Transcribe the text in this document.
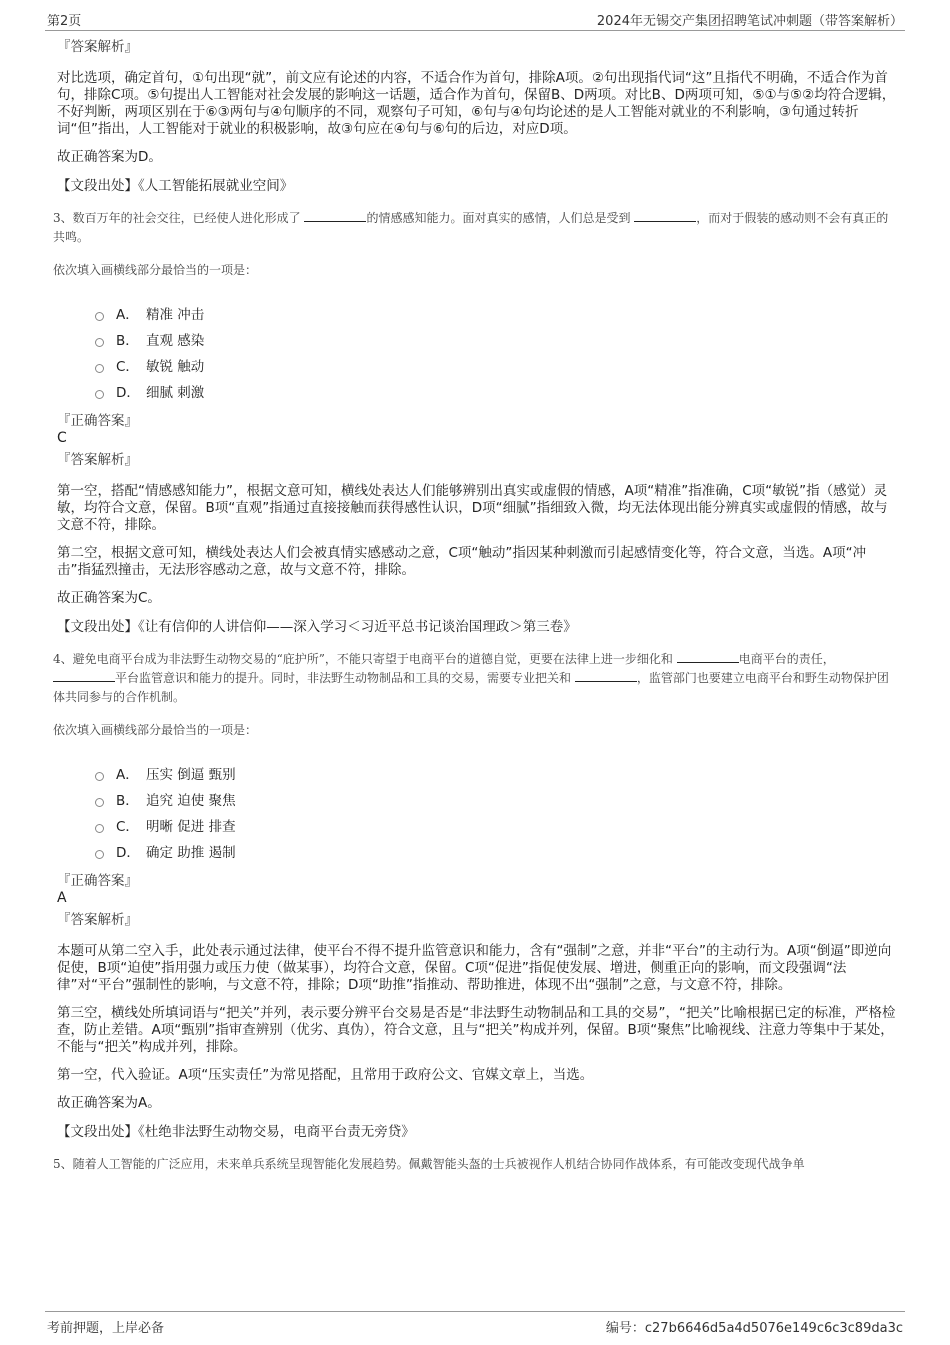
第2页	2024年无锡交产集团招聘笔试冲刺题（带答案解析）
『答案解析』

对比选项，确定首句，①句出现“就”，前文应有论述的内容，不适合作为首句，排除A项。②句出现指代词“这”且指代不明确，不适合作为首句，排除C项。⑤句提出人工智能对社会发展的影响这一话题，适合作为首句，保留B、D两项。对比B、D两项可知，⑤①与⑤②均符合逻辑，不好判断，两项区别在于⑥③两句与④句顺序的不同，观察句子可知，⑥句与④句均论述的是人工智能对就业的不利影响，③句通过转折词“但”指出，人工智能对于就业的积极影响，故③句应在④句与⑥句的后边，对应D项。

故正确答案为D。

【文段出处】《人工智能拓展就业空间》

3、数百万年的社会交往，已经使人进化形成了	的情感感知能力。面对真实的感情，人们总是受到	，而对于假装的感动则不会有真正的共鸣。

依次填入画横线部分最恰当的一项是：

A． 精准 冲击
B． 直观 感染
C． 敏锐 触动
D． 细腻 刺激
『正确答案』
C
『答案解析』

第一空，搭配“情感感知能力”，根据文意可知，横线处表达人们能够辨别出真实或虚假的情感，A项“精准”指准确，C项“敏锐”指（感觉）灵敏，均符合文意，保留。B项“直观”指通过直接接触而获得感性认识，D项“细腻”指细致入微，均无法体现出能分辨真实或虚假的情感，故与文意不符，排除。

第二空，根据文意可知，横线处表达人们会被真情实感感动之意，C项“触动”指因某种刺激而引起感情变化等，符合文意，当选。A项“冲击”指猛烈撞击，无法形容感动之意，故与文意不符，排除。

故正确答案为C。

【文段出处】《让有信仰的人讲信仰——深入学习＜习近平总书记谈治国理政＞第三卷》

4、避免电商平台成为非法野生动物交易的“庇护所”，不能只寄望于电商平台的道德自觉，更要在法律上进一步细化和	电商平台的责任， 平台监管意识和能力的提升。同时，非法野生动物制品和工具的交易，需要专业把关和	，监管部门也要建立电商平台和野生动物保护团体共同参与的合作机制。

依次填入画横线部分最恰当的一项是：

A． 压实 倒逼 甄别
B． 追究 迫使 聚焦
C． 明晰 促进 排查
D． 确定 助推 遏制
『正确答案』
A
『答案解析』

本题可从第二空入手，此处表示通过法律，使平台不得不提升监管意识和能力，含有“强制”之意，并非“平台”的主动行为。A项“倒逼”即逆向促使，B项“迫使”指用强力或压力使（做某事），均符合文意，保留。C项“促进”指促使发展、增进，侧重正向的影响，而文段强调“法律”对“平台”强制性的影响，与文意不符，排除；D项“助推”指推动、帮助推进，体现不出“强制”之意，与文意不符，排除。

第三空，横线处所填词语与“把关”并列，表示要分辨平台交易是否是“非法野生动物制品和工具的交易”，“把关”比喻根据已定的标准，严格检查，防止差错。A项“甄别”指审查辨别（优劣、真伪），符合文意，且与“把关”构成并列，保留。B项“聚焦”比喻视线、注意力等集中于某处，不能与“把关”构成并列，排除。

第一空，代入验证。A项“压实责任”为常见搭配，且常用于政府公文、官媒文章上，当选。

故正确答案为A。

【文段出处】《杜绝非法野生动物交易，电商平台责无旁贷》

5、随着人工智能的广泛应用，未来单兵系统呈现智能化发展趋势。佩戴智能头盔的士兵被视作人机结合协同作战体系，有可能改变现代战争单

考前押题，上岸必备	编号：c27b6646d5a4d5076e149c6c3c89da3c
